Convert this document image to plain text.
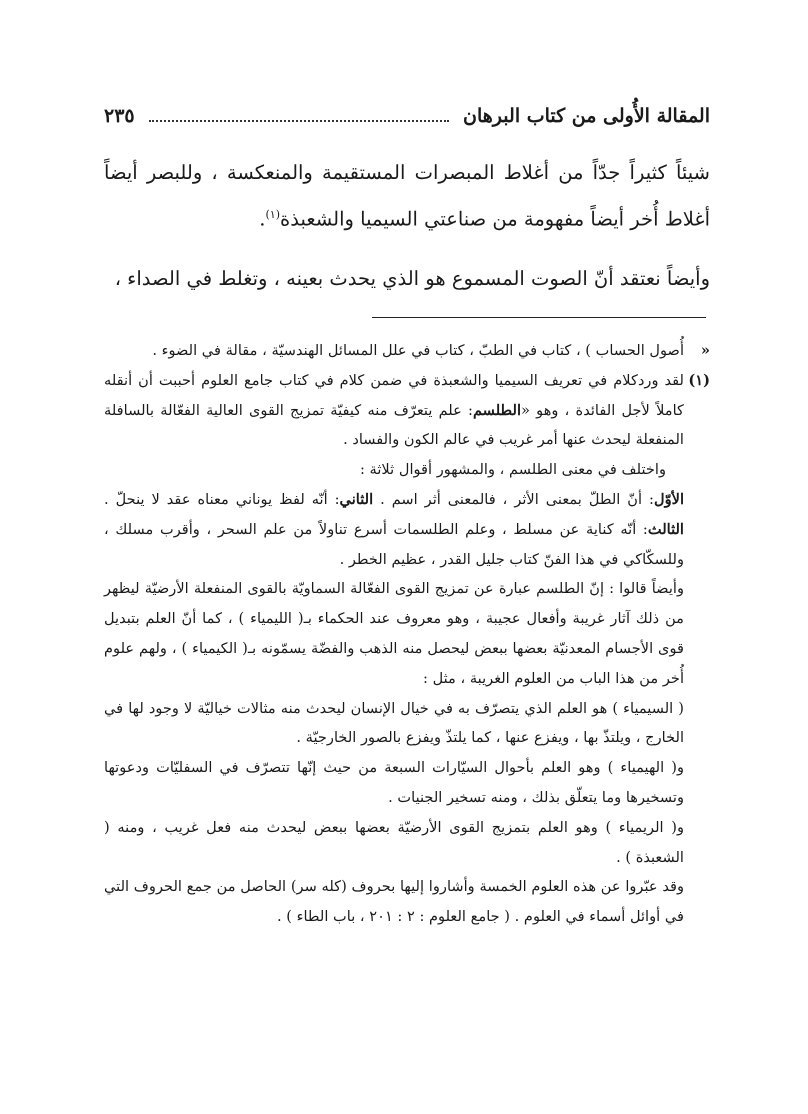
المقالة الأُولى من كتاب البرهان
٢٣٥

شيئاً كثيراً جدّاً من أغلاط المبصرات المستقيمة والمنعكسة ، وللبصر أيضاً أغلاط أُخر أيضاً مفهومة من صناعتي السيميا والشعبذة$^{(١)}$.

وأيضاً نعتقد أنّ الصوت المسموع هو الذي يحدث بعينه ، وتغلط في الصداء ،

«
أُصول الحساب ) ، كتاب في الطبّ ، كتاب في علل المسائل الهندسيّة ، مقالة في الضوء .
(١)
لقد وردكلام في تعريف السيميا والشعبذة في ضمن كلام في كتاب جامع العلوم أحببت أن أنقله كاملاً لأجل الفائدة ، وهو «الطلسم: علم يتعرّف منه كيفيّة تمزيج القوى العالية الفعّالة بالسافلة المنفعلة ليحدث عنها أمر غريب في عالم الكون والفساد .

واختلف في معنى الطلسم ، والمشهور أقوال ثلاثة :

الأوّل: أنّ الطلّ بمعنى الأثر ، فالمعنى أثر اسم . الثاني: أنّه لفظ يوناني معناه عقد لا ينحلّ . الثالث: أنّه كناية عن مسلط ، وعلم الطلسمات أسرع تناولاً من علم السحر ، وأقرب مسلك ، وللسكّاكي في هذا الفنّ كتاب جليل القدر ، عظيم الخطر .

وأيضاً قالوا : إنّ الطلسم عبارة عن تمزيج القوى الفعّالة السماويّة بالقوى المنفعلة الأرضيّة ليظهر من ذلك آثار غريبة وأفعال عجيبة ، وهو معروف عند الحكماء بـ( الليمياء ) ، كما أنّ العلم بتبديل قوى الأجسام المعدنيّة بعضها ببعض ليحصل منه الذهب والفضّة يسمّونه بـ( الكيمياء ) ، ولهم علوم أُخر من هذا الباب من العلوم الغريبة ، مثل :

( السيمياء ) هو العلم الذي يتصرّف به في خيال الإنسان ليحدث منه مثالات خياليّة لا وجود لها في الخارج ، ويلتذّ بها ، ويفزع عنها ، كما يلتذّ ويفزع بالصور الخارجيّة .

و( الهيمياء ) وهو العلم بأحوال السيّارات السبعة من حيث إنّها تتصرّف في السفليّات ودعوتها وتسخيرها وما يتعلّق بذلك ، ومنه تسخير الجنيات .

و( الريمياء ) وهو العلم بتمزيج القوى الأرضيّة بعضها ببعض ليحدث منه فعل غريب ، ومنه ( الشعبذة ) .

وقد عبّروا عن هذه العلوم الخمسة وأشاروا إليها بحروف (كله سر) الحاصل من جمع الحروف التي في أوائل أسماء في العلوم . ( جامع العلوم : ٢ : ٢٠١ ، باب الطاء ) .
